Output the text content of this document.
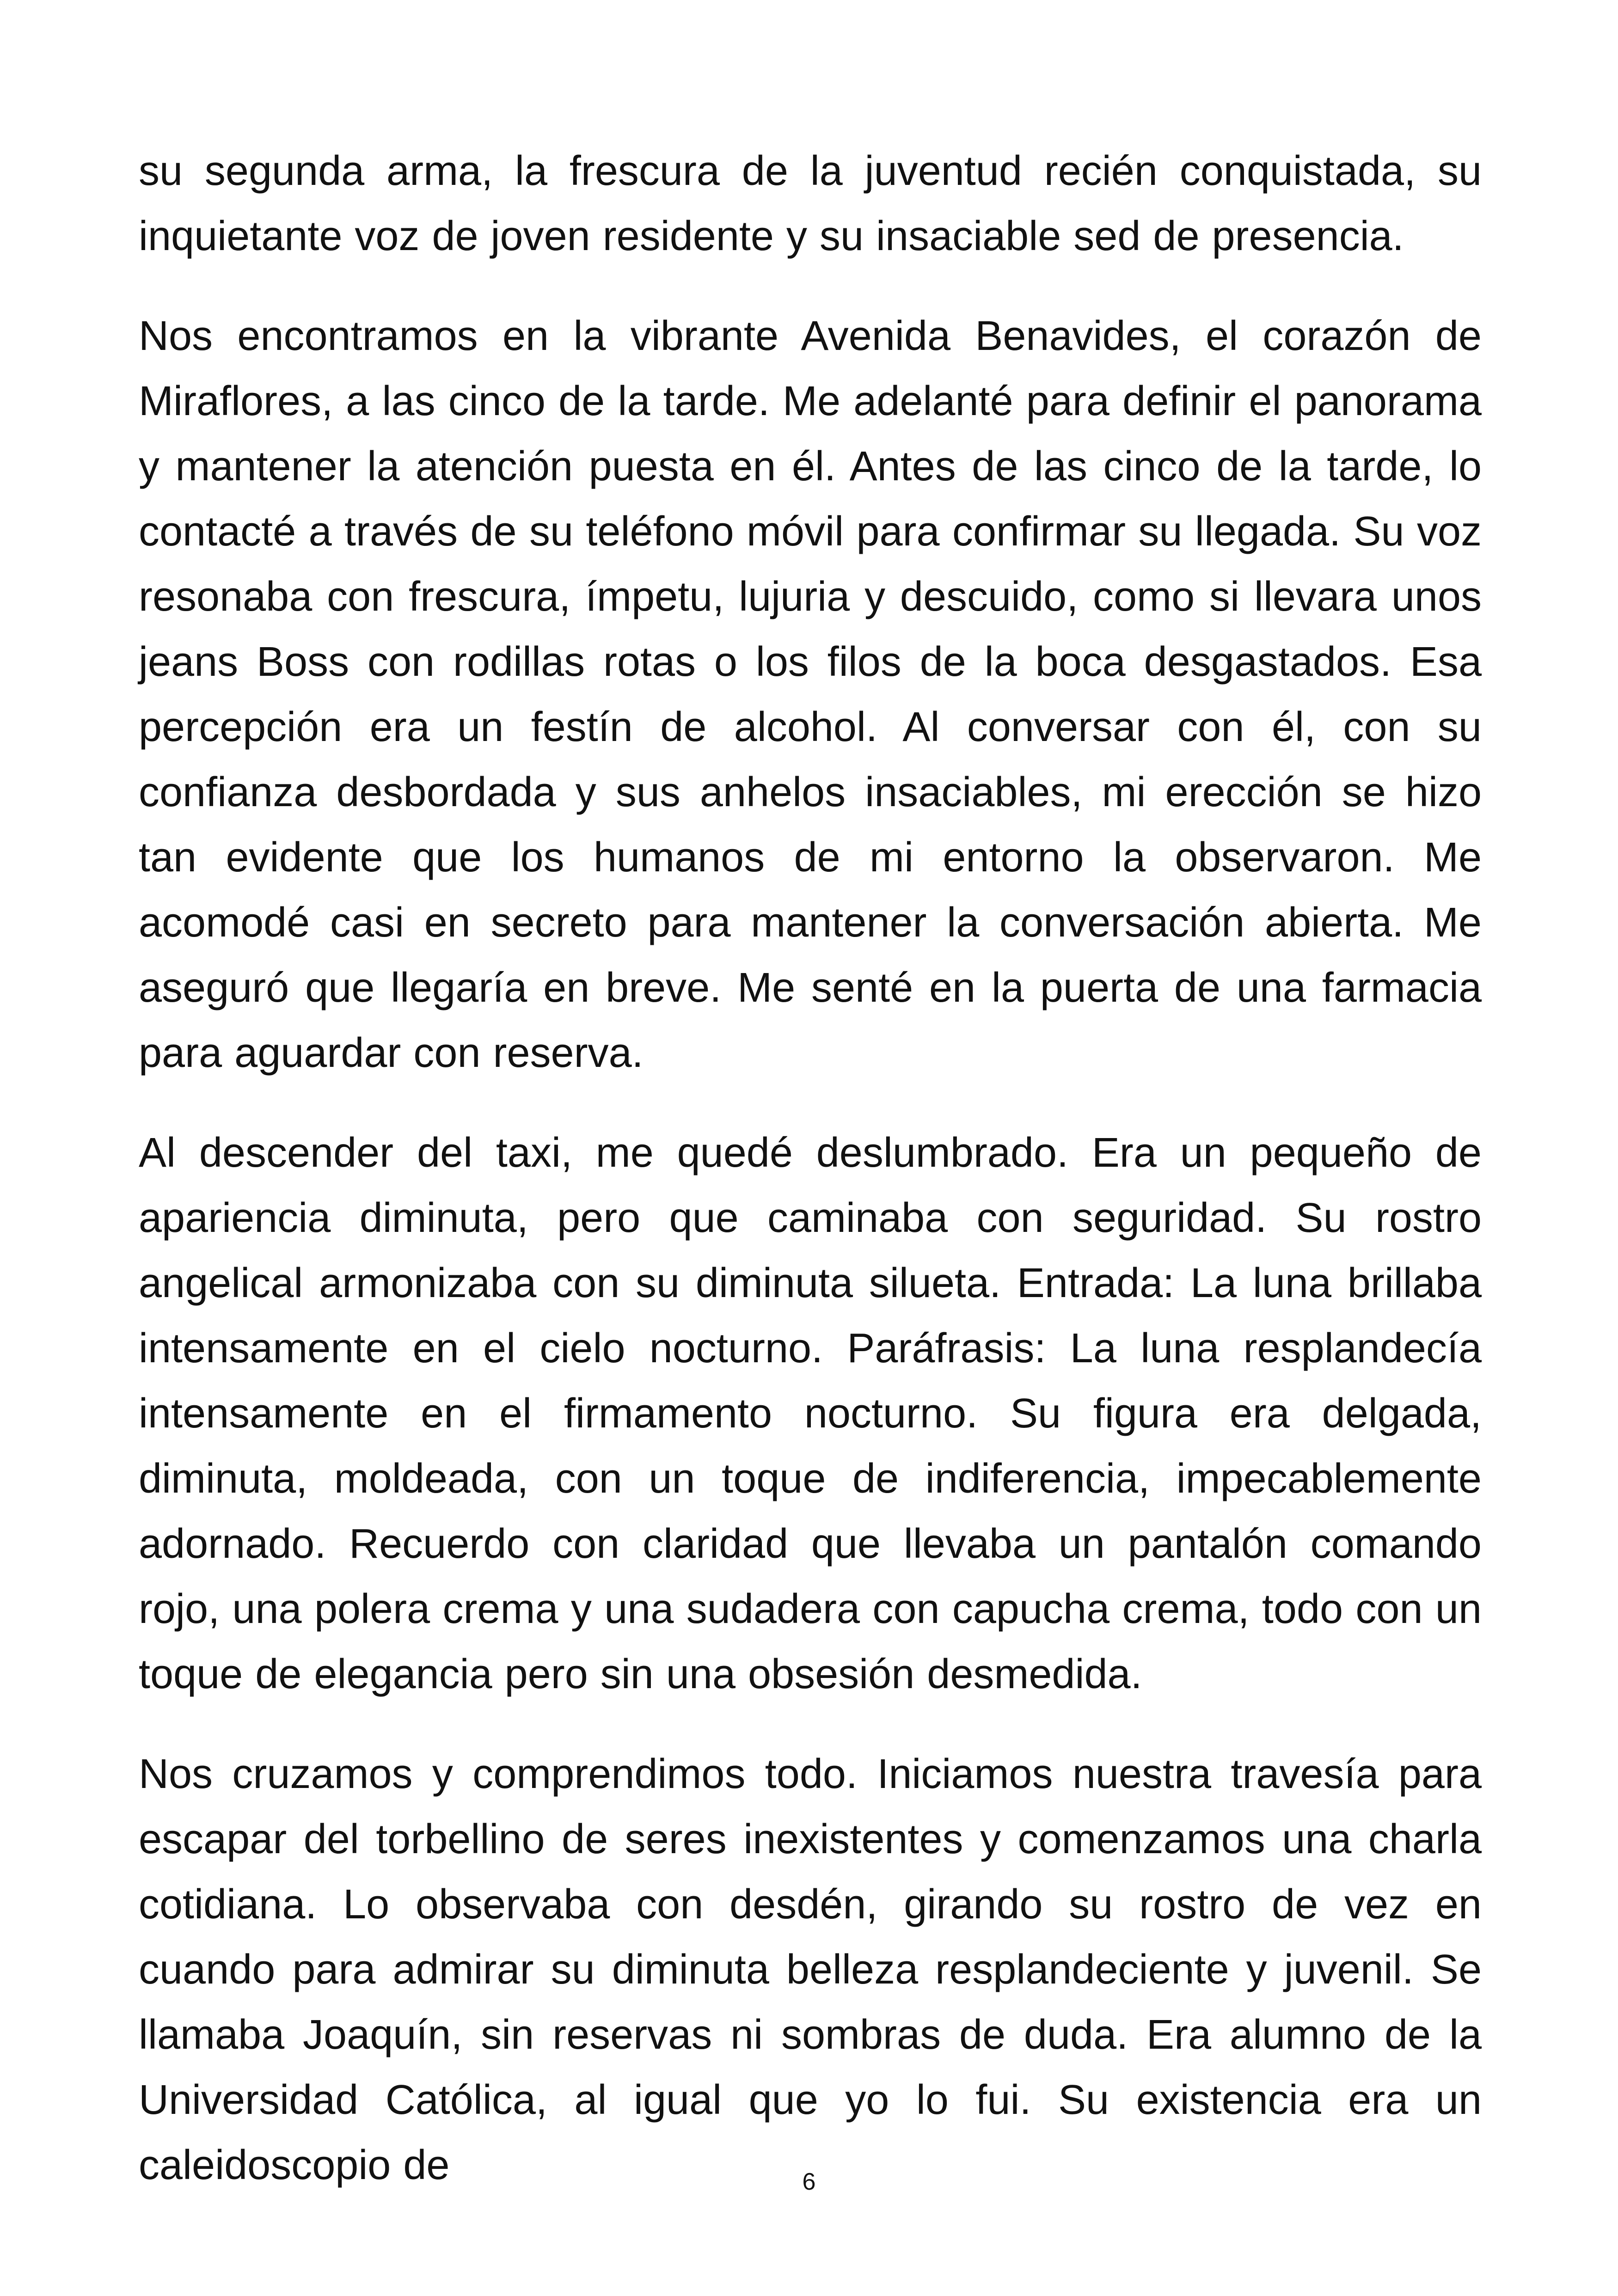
su segunda arma, la frescura de la juventud recién conquistada, su inquietante voz de joven residente y su insaciable sed de presencia.

Nos encontramos en la vibrante Avenida Benavides, el corazón de Miraflores, a las cinco de la tarde. Me adelanté para definir el panorama y mantener la atención puesta en él. Antes de las cinco de la tarde, lo contacté a través de su teléfono móvil para confirmar su llegada. Su voz resonaba con frescura, ímpetu, lujuria y descuido, como si llevara unos jeans Boss con rodillas rotas o los filos de la boca desgastados. Esa percepción era un festín de alcohol. Al conversar con él, con su confianza desbordada y sus anhelos insaciables, mi erección se hizo tan evidente que los humanos de mi entorno la observaron. Me acomodé casi en secreto para mantener la conversación abierta. Me aseguró que llegaría en breve. Me senté en la puerta de una farmacia para aguardar con reserva.

Al descender del taxi, me quedé deslumbrado. Era un pequeño de apariencia diminuta, pero que caminaba con seguridad. Su rostro angelical armonizaba con su diminuta silueta. Entrada: La luna brillaba intensamente en el cielo nocturno. Paráfrasis: La luna resplandecía intensamente en el firmamento nocturno. Su figura era delgada, diminuta, moldeada, con un toque de indiferencia, impecablemente adornado. Recuerdo con claridad que llevaba un pantalón comando rojo, una polera crema y una sudadera con capucha crema, todo con un toque de elegancia pero sin una obsesión desmedida.

Nos cruzamos y comprendimos todo. Iniciamos nuestra travesía para escapar del torbellino de seres inexistentes y comenzamos una charla cotidiana. Lo observaba con desdén, girando su rostro de vez en cuando para admirar su diminuta belleza resplandeciente y juvenil. Se llamaba Joaquín, sin reservas ni sombras de duda. Era alumno de la Universidad Católica, al igual que yo lo fui. Su existencia era un caleidoscopio de	6
